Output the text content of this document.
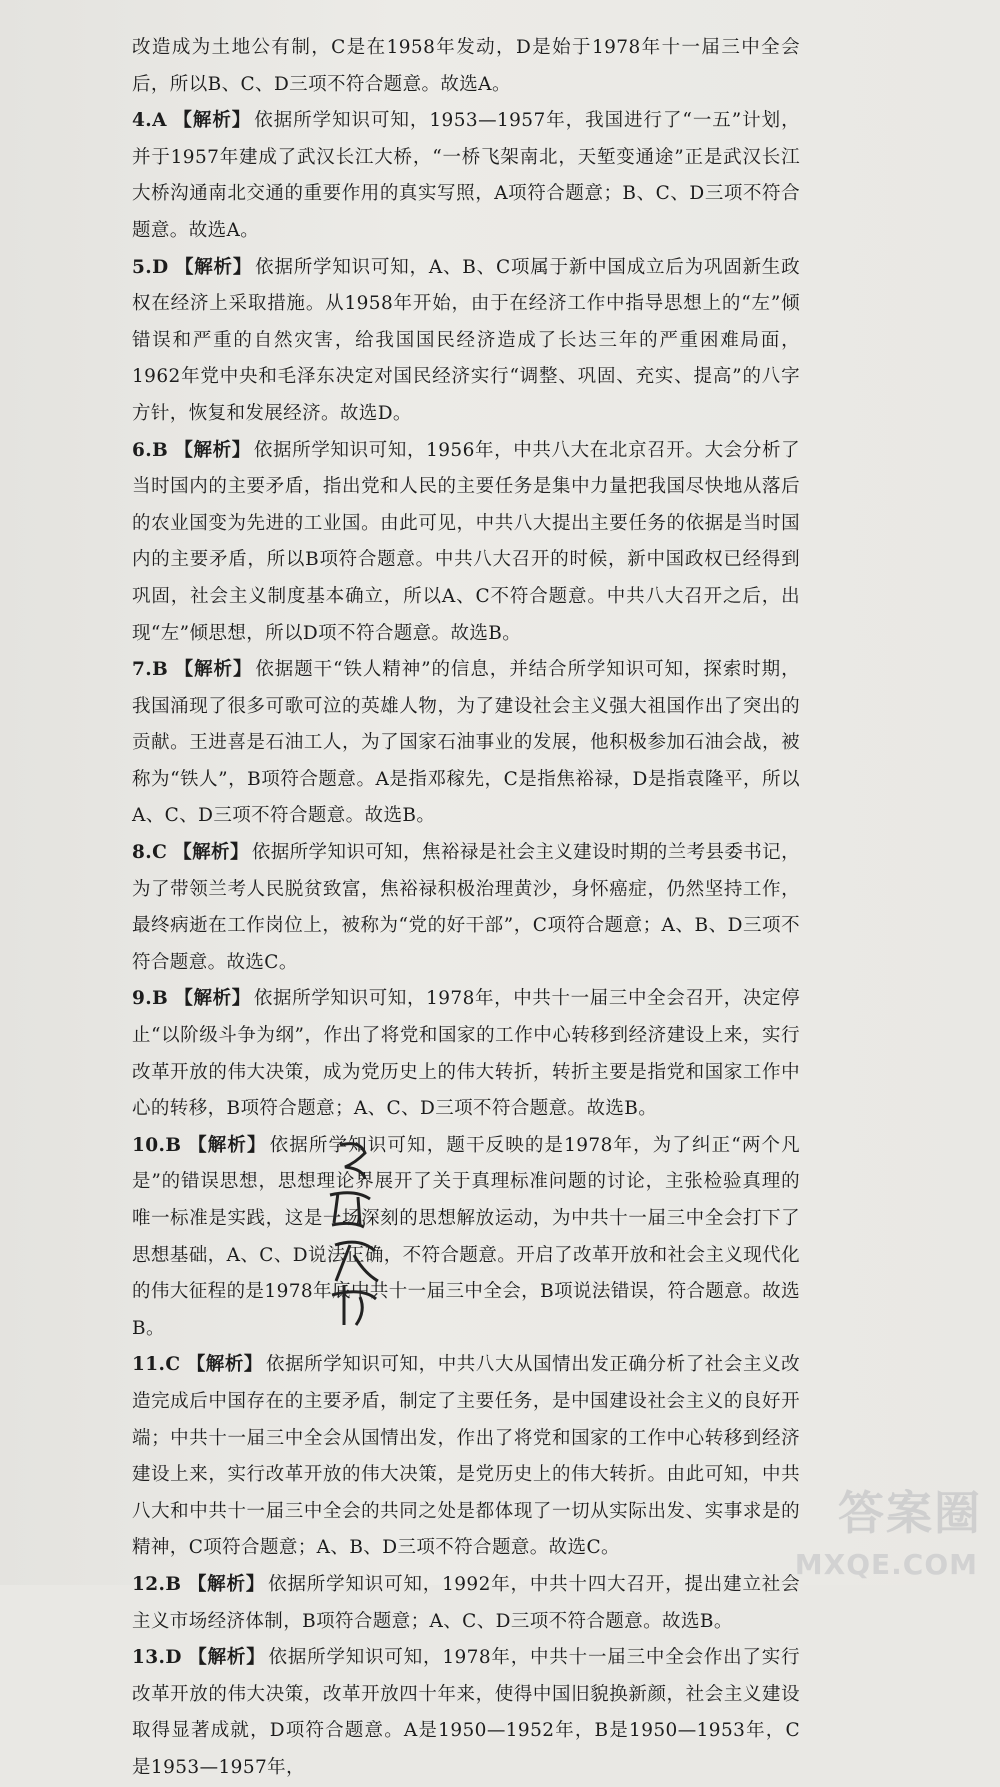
改造成为土地公有制，C是在1958年发动，D是始于1978年十一届三中全会后，所以B、C、D三项不符合题意。故选A。

4.A 【解析】 依据所学知识可知，1953—1957年，我国进行了“一五”计划，并于1957年建成了武汉长江大桥，“一桥飞架南北，天堑变通途”正是武汉长江大桥沟通南北交通的重要作用的真实写照，A项符合题意；B、C、D三项不符合题意。故选A。

5.D 【解析】 依据所学知识可知，A、B、C项属于新中国成立后为巩固新生政权在经济上采取措施。从1958年开始，由于在经济工作中指导思想上的“左”倾错误和严重的自然灾害，给我国国民经济造成了长达三年的严重困难局面，1962年党中央和毛泽东决定对国民经济实行“调整、巩固、充实、提高”的八字方针，恢复和发展经济。故选D。

6.B 【解析】 依据所学知识可知，1956年，中共八大在北京召开。大会分析了当时国内的主要矛盾，指出党和人民的主要任务是集中力量把我国尽快地从落后的农业国变为先进的工业国。由此可见，中共八大提出主要任务的依据是当时国内的主要矛盾，所以B项符合题意。中共八大召开的时候，新中国政权已经得到巩固，社会主义制度基本确立，所以A、C不符合题意。中共八大召开之后，出现“左”倾思想，所以D项不符合题意。故选B。

7.B 【解析】 依据题干“铁人精神”的信息，并结合所学知识可知，探索时期，我国涌现了很多可歌可泣的英雄人物，为了建设社会主义强大祖国作出了突出的贡献。王进喜是石油工人，为了国家石油事业的发展，他积极参加石油会战，被称为“铁人”，B项符合题意。A是指邓稼先，C是指焦裕禄，D是指袁隆平，所以A、C、D三项不符合题意。故选B。

8.C 【解析】 依据所学知识可知，焦裕禄是社会主义建设时期的兰考县委书记，为了带领兰考人民脱贫致富，焦裕禄积极治理黄沙，身怀癌症，仍然坚持工作，最终病逝在工作岗位上，被称为“党的好干部”，C项符合题意；A、B、D三项不符合题意。故选C。

9.B 【解析】 依据所学知识可知，1978年，中共十一届三中全会召开，决定停止“以阶级斗争为纲”，作出了将党和国家的工作中心转移到经济建设上来，实行改革开放的伟大决策，成为党历史上的伟大转折，转折主要是指党和国家工作中心的转移，B项符合题意；A、C、D三项不符合题意。故选B。

10.B 【解析】 依据所学知识可知，题干反映的是1978年，为了纠正“两个凡是”的错误思想，思想理论界展开了关于真理标准问题的讨论，主张检验真理的唯一标准是实践，这是一场深刻的思想解放运动，为中共十一届三中全会打下了思想基础，A、C、D说法正确，不符合题意。开启了改革开放和社会主义现代化的伟大征程的是1978年底中共十一届三中全会，B项说法错误，符合题意。故选B。

11.C 【解析】 依据所学知识可知，中共八大从国情出发正确分析了社会主义改造完成后中国存在的主要矛盾，制定了主要任务，是中国建设社会主义的良好开端；中共十一届三中全会从国情出发，作出了将党和国家的工作中心转移到经济建设上来，实行改革开放的伟大决策，是党历史上的伟大转折。由此可知，中共八大和中共十一届三中全会的共同之处是都体现了一切从实际出发、实事求是的精神，C项符合题意；A、B、D三项不符合题意。故选C。

12.B 【解析】 依据所学知识可知，1992年，中共十四大召开，提出建立社会主义市场经济体制，B项符合题意；A、C、D三项不符合题意。故选B。

13.D 【解析】 依据所学知识可知，1978年，中共十一届三中全会作出了实行改革开放的伟大决策，改革开放四十年来，使得中国旧貌换新颜，社会主义建设取得显著成就，D项符合题意。A是1950—1952年，B是1950—1953年，C是1953—1957年，

答案圈
MXQE.COM
